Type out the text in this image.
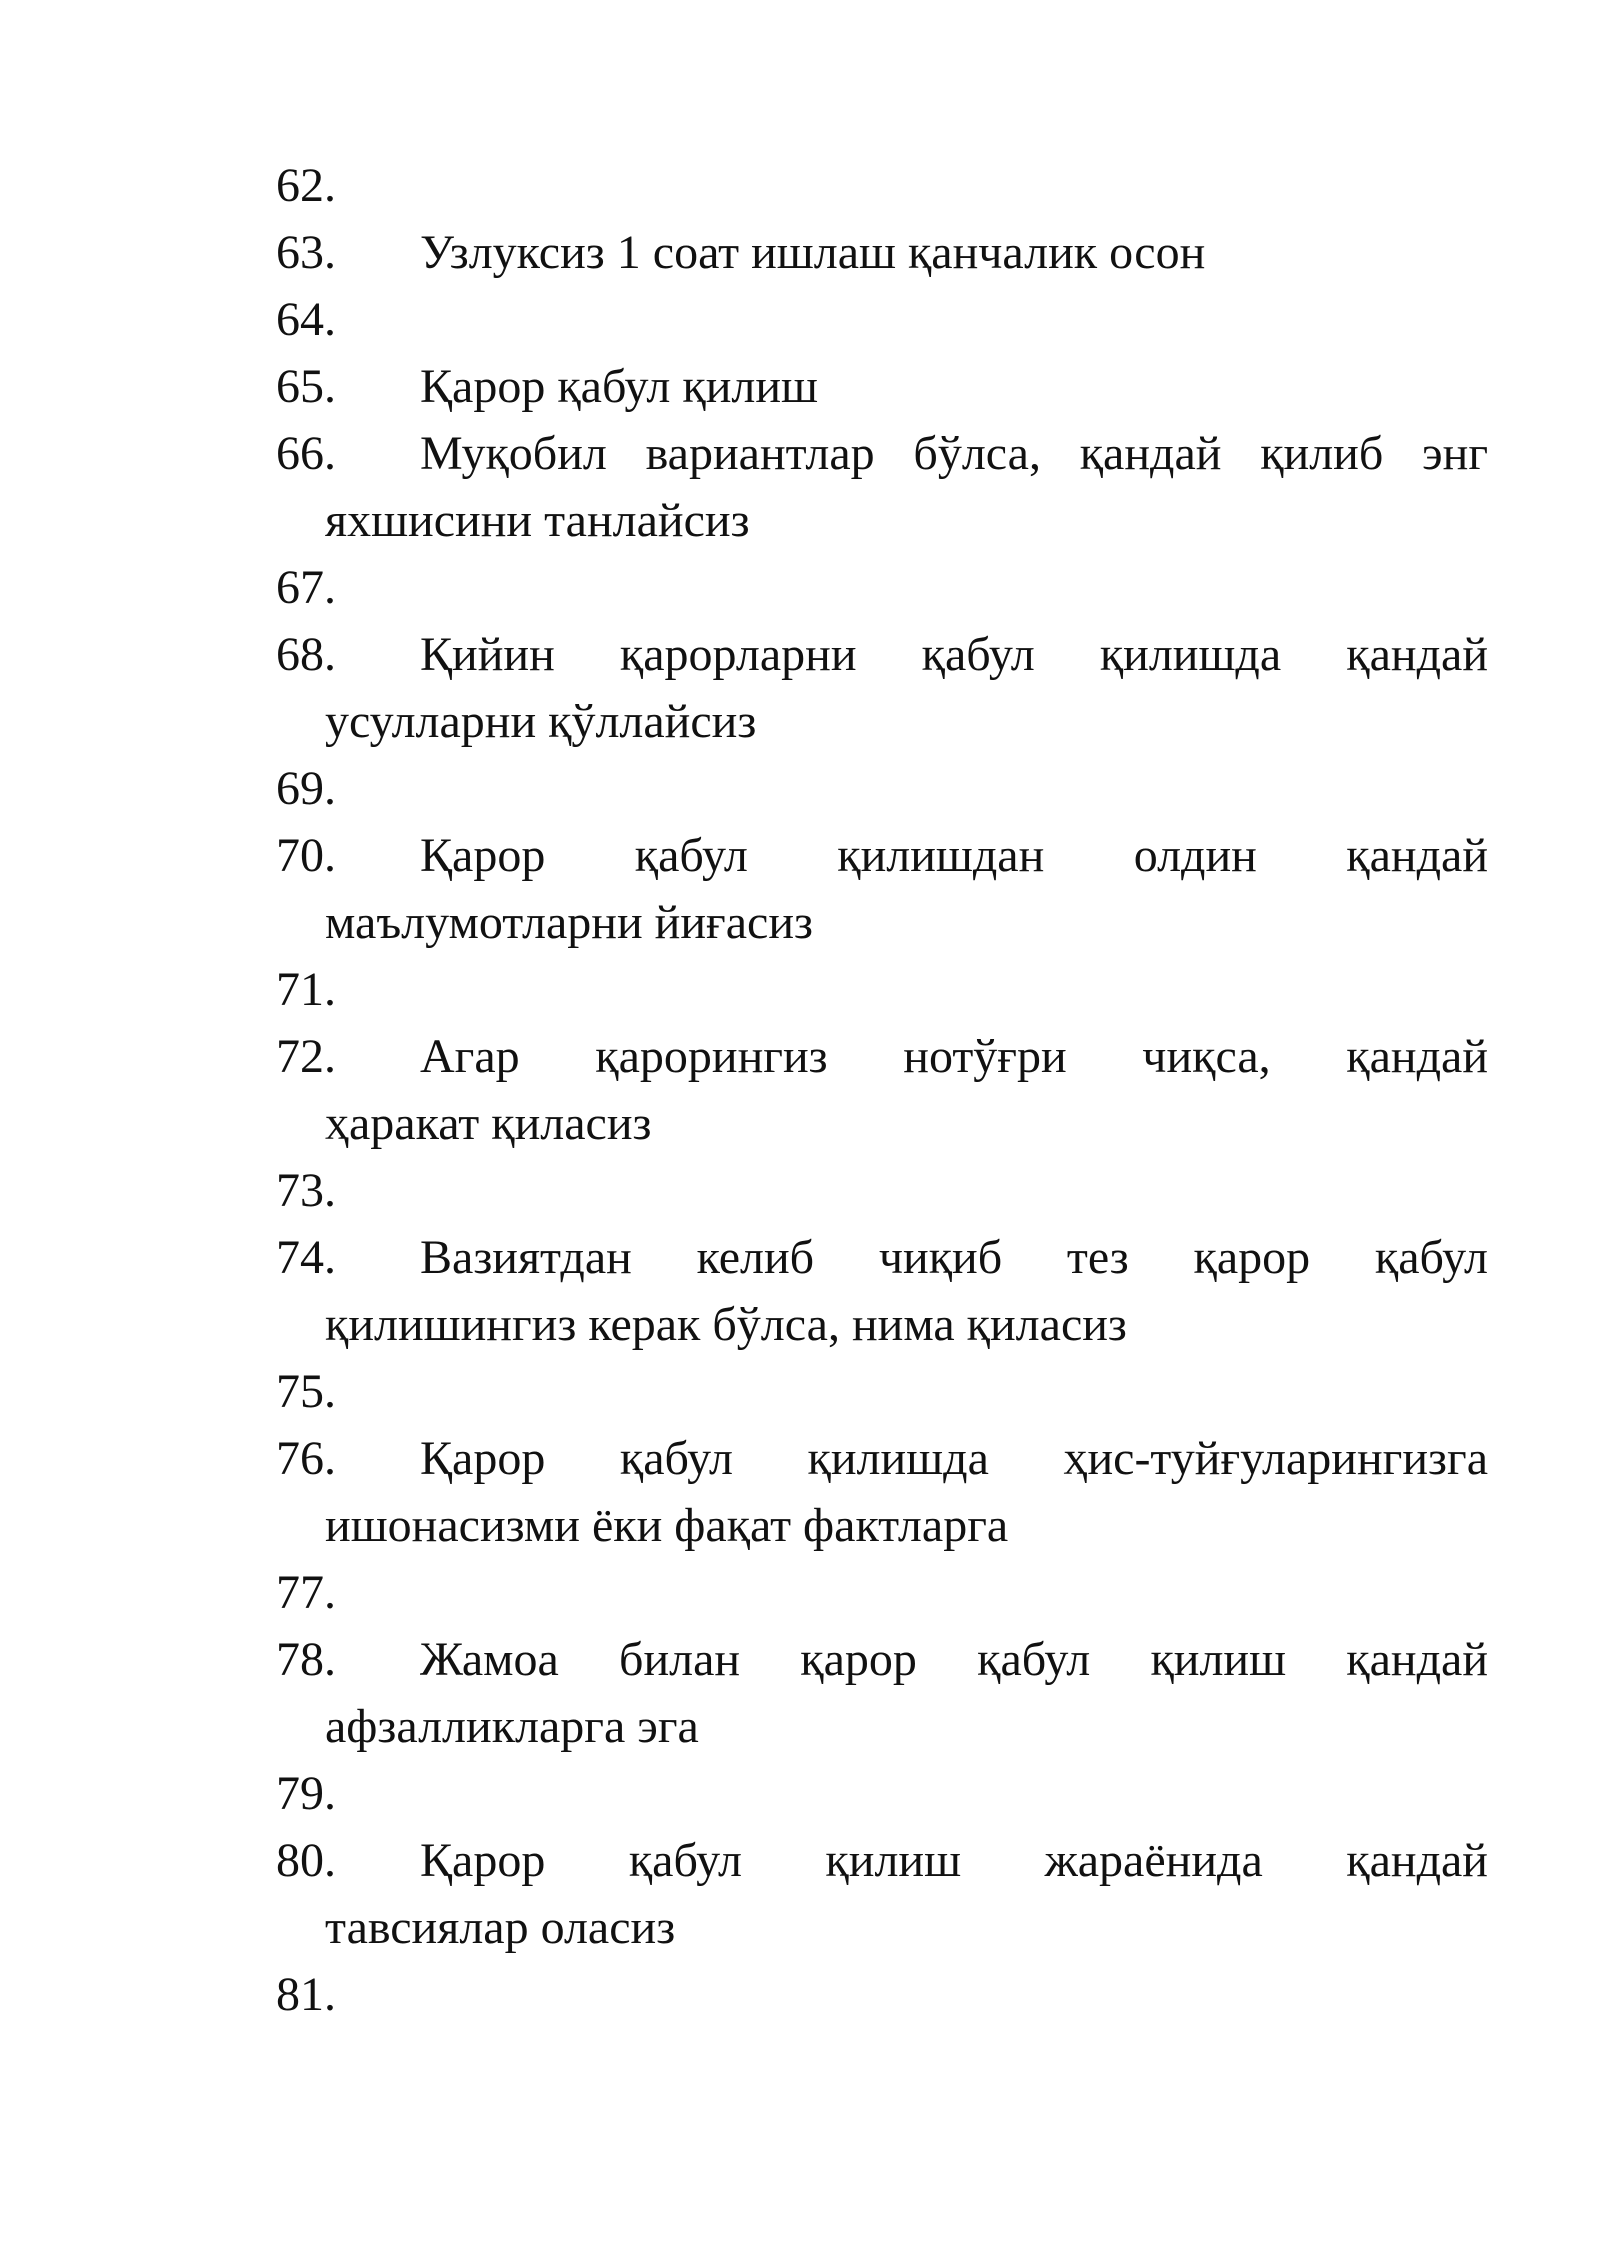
62.
63. Узлуксиз 1 соат ишлаш қанчалик осон
64.
65. Қарор қабул қилиш
66. Муқобил вариантлар бўлса, қандай қилиб энг
яхшисини танлайсиз
67.
68. Қийин қарорларни қабул қилишда қандай
усулларни қўллайсиз
69.
70. Қарор қабул қилишдан олдин қандай
маълумотларни йиғасиз
71.
72. Агар қарорингиз нотўғри чиқса, қандай
ҳаракат қиласиз
73.
74. Вазиятдан келиб чиқиб тез қарор қабул
қилишингиз керак бўлса, нима қиласиз
75.
76. Қарор қабул қилишда ҳис-туйғуларингизга
ишонасизми ёки фақат фактларга
77.
78. Жамоа билан қарор қабул қилиш қандай
афзалликларга эга
79.
80. Қарор қабул қилиш жараёнида қандай
тавсиялар оласиз
81.
